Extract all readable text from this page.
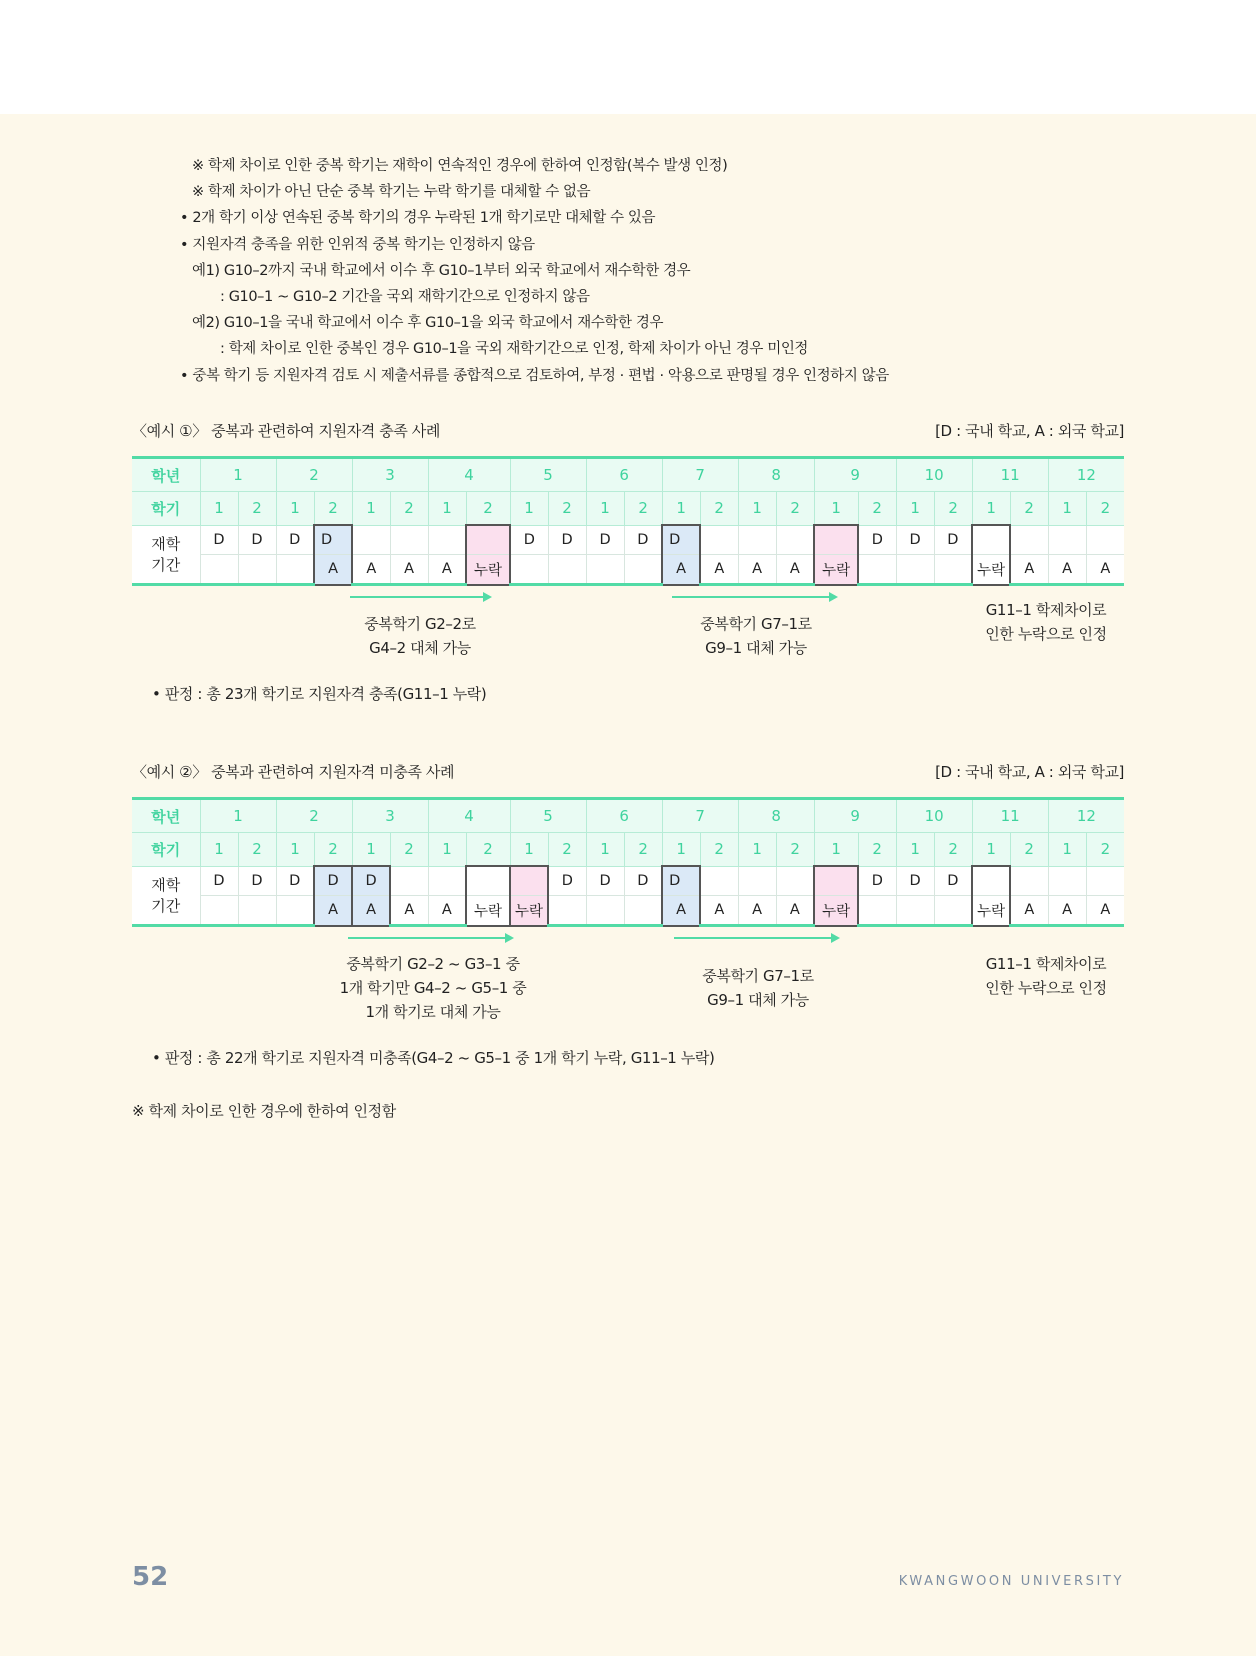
※ 학제 차이로 인한 중복 학기는 재학이 연속적인 경우에 한하여 인정함(복수 발생 인정)
※ 학제 차이가 아닌 단순 중복 학기는 누락 학기를 대체할 수 없음
• 2개 학기 이상 연속된 중복 학기의 경우 누락된 1개 학기로만 대체할 수 있음
• 지원자격 충족을 위한 인위적 중복 학기는 인정하지 않음
예1) G10–2까지 국내 학교에서 이수 후 G10–1부터 외국 학교에서 재수학한 경우
: G10–1 ~ G10–2 기간을 국외 재학기간으로 인정하지 않음
예2) G10–1을 국내 학교에서 이수 후 G10–1을 외국 학교에서 재수학한 경우
: 학제 차이로 인한 중복인 경우 G10–1을 국외 재학기간으로 인정, 학제 차이가 아닌 경우 미인정
• 중복 학기 등 지원자격 검토 시 제출서류를 종합적으로 검토하여, 부정 · 편법 · 악용으로 판명될 경우 인정하지 않음
〈예시 ①〉 중복과 관련하여 지원자격 충족 사례	[D : 국내 학교, A : 외국 학교]
학년	1		2		3		4		5		6		7		8		9		10		11		12	
학기	1	2	1	2	1	2	1	2	1	2	1	2	1	2	1	2	1	2	1	2	1	2	1	2

재학
기간	D	D	D	D					D	D	D	D	D					D	D	D				
				A	A	A	A	누락					A	A	A	A	누락				누락	A	A	A
중복학기 G2–2로
G4–2 대체 가능
중복학기 G7–1로
G9–1 대체 가능
G11–1 학제차이로
인한 누락으로 인정
• 판정 : 총 23개 학기로 지원자격 충족(G11–1 누락)
〈예시 ②〉 중복과 관련하여 지원자격 미충족 사례	[D : 국내 학교, A : 외국 학교]
학년	1		2		3		4		5		6		7		8		9		10		11		12	
학기	1	2	1	2	1	2	1	2	1	2	1	2	1	2	1	2	1	2	1	2	1	2	1	2

재학
기간	D	D	D	D	D					D	D	D	D					D	D	D				
				A	A	A	A	누락	누락				A	A	A	A	누락				누락	A	A	A
중복학기 G2–2 ~ G3–1 중
1개 학기만 G4–2 ~ G5–1 중
1개 학기로 대체 가능
중복학기 G7–1로
G9–1 대체 가능
G11–1 학제차이로
인한 누락으로 인정
• 판정 : 총 22개 학기로 지원자격 미충족(G4–2 ~ G5–1 중 1개 학기 누락, G11–1 누락)
※ 학제 차이로 인한 경우에 한하여 인정함
52	KWANGWOON UNIVERSITY
